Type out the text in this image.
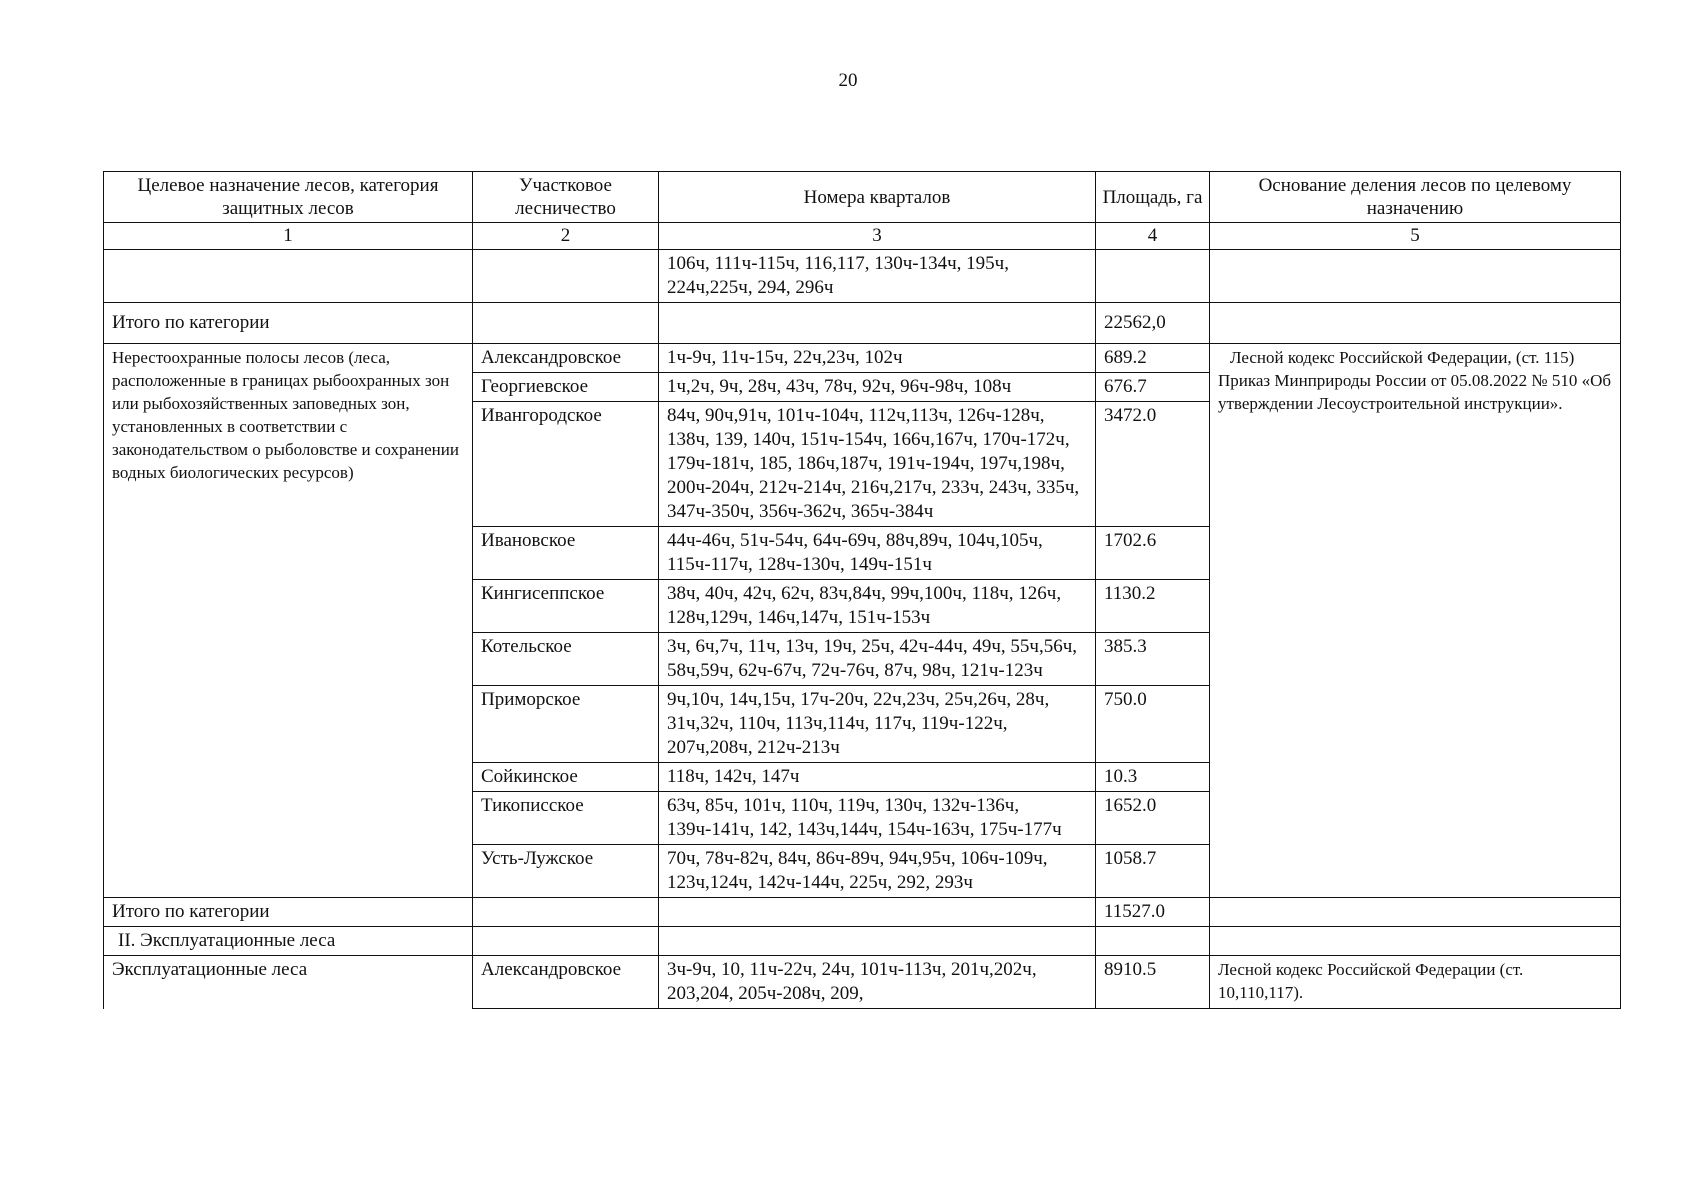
20
Целевое назначение лесов, категория защитных лесов	Участковое лесничество	Номера кварталов	Площадь, га	Основание деления лесов по целевому назначению
1	2	3	4	5
		106ч, 111ч-115ч, 116,117, 130ч-134ч, 195ч, 224ч,225ч, 294, 296ч		
Итого по категории			22562,0	
Нерестоохранные полосы лесов (леса, расположенные в границах рыбоохранных зон или рыбохозяйственных заповедных зон, установленных в соответствии с законодательством о рыболовстве и сохранении водных биологических ресурсов)	Александровское	1ч-9ч, 11ч-15ч, 22ч,23ч, 102ч	689.2	Лесной кодекс Российской Федерации, (ст. 115)
Приказ Минприроды России от 05.08.2022 № 510 «Об утверждении Лесоустроительной инструкции».

	Георгиевское	1ч,2ч, 9ч, 28ч, 43ч, 78ч, 92ч, 96ч-98ч, 108ч	676.7	
	Ивангородское	84ч, 90ч,91ч, 101ч-104ч, 112ч,113ч, 126ч-128ч, 138ч, 139, 140ч, 151ч-154ч, 166ч,167ч, 170ч-172ч, 179ч-181ч, 185, 186ч,187ч, 191ч-194ч, 197ч,198ч, 200ч-204ч, 212ч-214ч, 216ч,217ч, 233ч, 243ч, 335ч, 347ч-350ч, 356ч-362ч, 365ч-384ч	3472.0	
	Ивановское	44ч-46ч, 51ч-54ч, 64ч-69ч, 88ч,89ч, 104ч,105ч, 115ч-117ч, 128ч-130ч, 149ч-151ч	1702.6	
	Кингисеппское	38ч, 40ч, 42ч, 62ч, 83ч,84ч, 99ч,100ч, 118ч, 126ч, 128ч,129ч, 146ч,147ч, 151ч-153ч	1130.2	
	Котельское	3ч, 6ч,7ч, 11ч, 13ч, 19ч, 25ч, 42ч-44ч, 49ч, 55ч,56ч, 58ч,59ч, 62ч-67ч, 72ч-76ч, 87ч, 98ч, 121ч-123ч	385.3	
	Приморское	9ч,10ч, 14ч,15ч, 17ч-20ч, 22ч,23ч, 25ч,26ч, 28ч, 31ч,32ч, 110ч, 113ч,114ч, 117ч, 119ч-122ч, 207ч,208ч, 212ч-213ч	750.0	
	Сойкинское	118ч, 142ч, 147ч	10.3	
	Тикописское	63ч, 85ч, 101ч, 110ч, 119ч, 130ч, 132ч-136ч, 139ч-141ч, 142, 143ч,144ч, 154ч-163ч, 175ч-177ч	1652.0	
	Усть-Лужское	70ч, 78ч-82ч, 84ч, 86ч-89ч, 94ч,95ч, 106ч-109ч, 123ч,124ч, 142ч-144ч, 225ч, 292, 293ч	1058.7	
Итого по категории			11527.0	
II. Эксплуатационные леса				
Эксплуатационные леса	Александровское	3ч-9ч, 10, 11ч-22ч, 24ч, 101ч-113ч, 201ч,202ч, 203,204, 205ч-208ч, 209,	8910.5	Лесной кодекс Российской Федерации (ст. 10,110,117).
